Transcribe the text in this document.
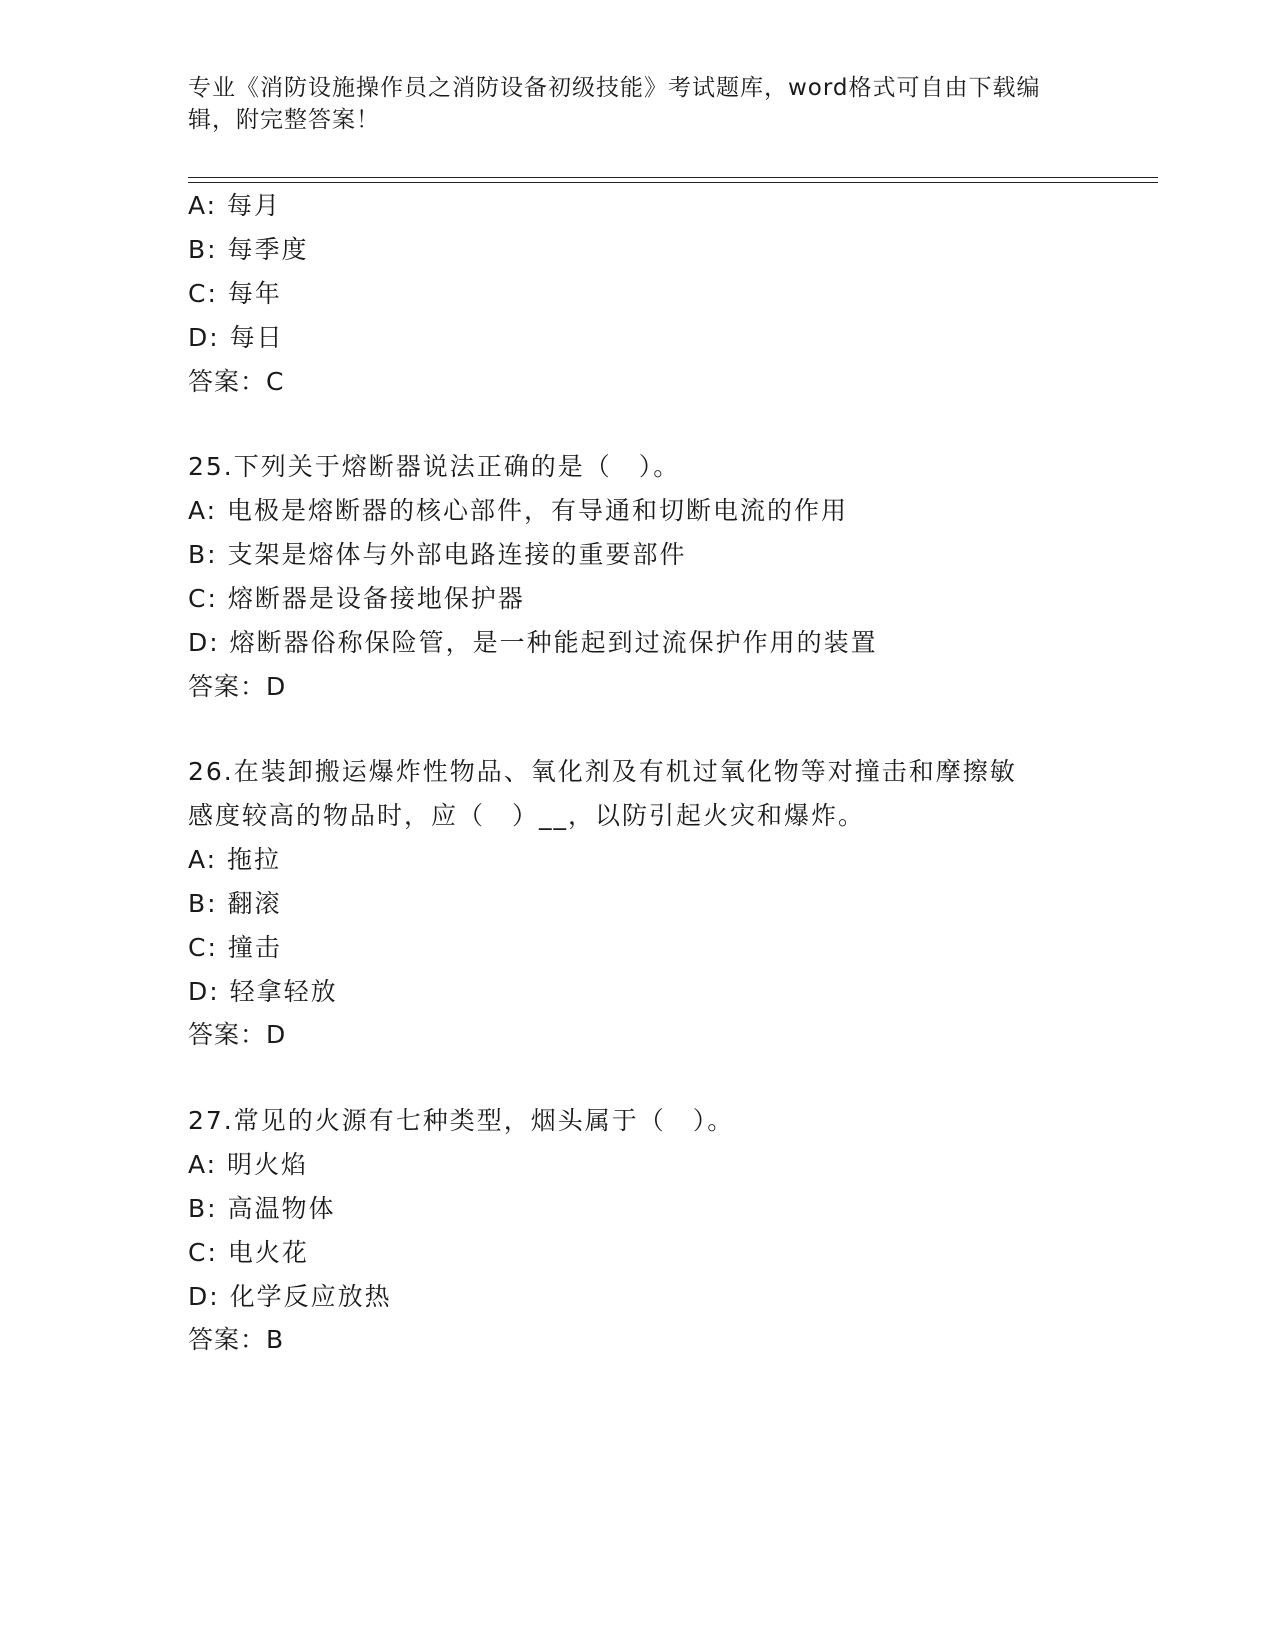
专业《消防设施操作员之消防设备初级技能》考试题库，word格式可自由下载编
辑，附完整答案！
A: 每月
B: 每季度
C: 每年
D: 每日
答案：C
25.下列关于熔断器说法正确的是（　）。
A: 电极是熔断器的核心部件，有导通和切断电流的作用
B: 支架是熔体与外部电路连接的重要部件
C: 熔断器是设备接地保护器
D: 熔断器俗称保险管，是一种能起到过流保护作用的装置
答案：D
26.在装卸搬运爆炸性物品、氧化剂及有机过氧化物等对撞击和摩擦敏
感度较高的物品时，应（　）__，以防引起火灾和爆炸。
A: 拖拉
B: 翻滚
C: 撞击
D: 轻拿轻放
答案：D
27.常见的火源有七种类型，烟头属于（　）。
A: 明火焰
B: 高温物体
C: 电火花
D: 化学反应放热
答案：B
